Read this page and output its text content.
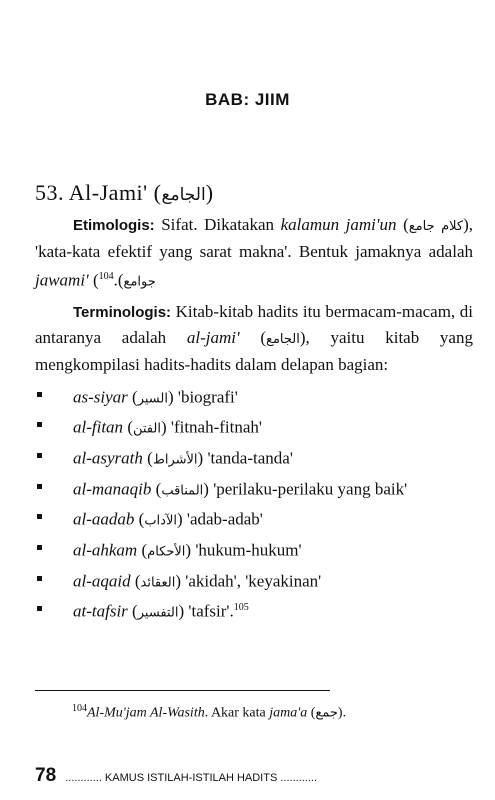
BAB: JIIM
53. Al-Jami' (الجامع)

Etimologis: Sifat. Dikatakan kalamun jami'un (كلام جامع), 'kata-kata efektif yang sarat makna'. Bentuk jamaknya adalah jawami' ( جوامع).$^{104}$

Terminologis: Kitab-kitab hadits itu bermacam-macam, di antaranya adalah al-jami' (الجامع), yaitu kitab yang mengkompilasi hadits-hadits dalam delapan bagian:

as-siyar (السير) 'biografi'
al-fitan (الفتن) 'fitnah-fitnah'
al-asyrath (الأشراط) 'tanda-tanda'
al-manaqib (المناقب) 'perilaku-perilaku yang baik'
al-aadab (الآداب) 'adab-adab'
al-ahkam (الأحكام) 'hukum-hukum'
al-aqaid (العقائد) 'akidah', 'keyakinan'
at-tafsir (التفسير) 'tafsir'.$^{105}$
$^{104}$Al-Mu'jam Al-Wasith. Akar kata jama'a (جمع).
78 ............ KAMUS ISTILAH-ISTILAH HADITS ............
